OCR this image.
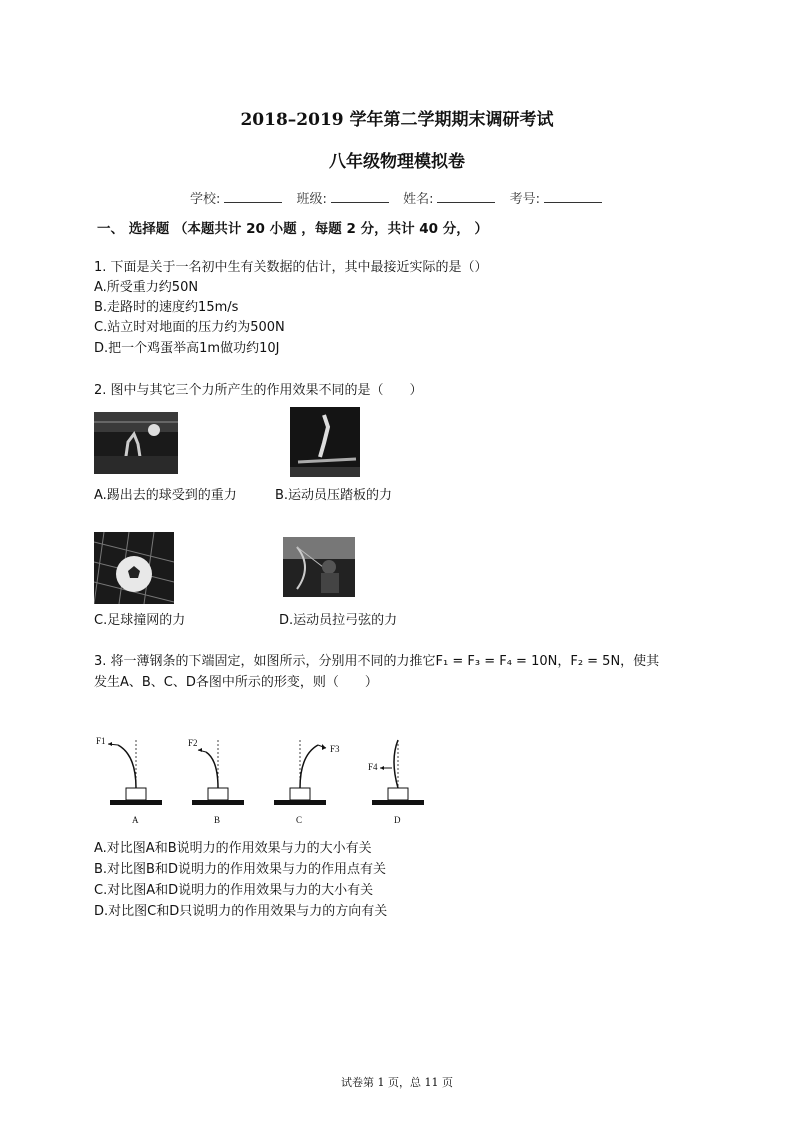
2018–2019 学年第二学期期末调研考试
八年级物理模拟卷
学校:	班级:	姓名:	考号:
一、 选择题 （本题共计 20 小题 ，每题 2 分，共计 40 分， ）
1. 下面是关于一名初中生有关数据的估计，其中最接近实际的是（）
A.所受重力约50N
B.走路时的速度约15m/s
C.站立时对地面的压力约为500N
D.把一个鸡蛋举高1m做功约10J
2. 图中与其它三个力所产生的作用效果不同的是（　　）
A.踢出去的球受到的重力	B.运动员压踏板的力
C.足球撞网的力	D.运动员拉弓弦的力
3. 将一薄钢条的下端固定，如图所示，分别用不同的力推它F₁ = F₃ = F₄ = 10N，F₂ = 5N，使其
发生A、B、C、D各图中所示的形变，则（　　）
F1
A
F2
B
F3
C
F4
D
A.对比图A和B说明力的作用效果与力的大小有关
B.对比图B和D说明力的作用效果与力的作用点有关
C.对比图A和D说明力的作用效果与力的大小有关
D.对比图C和D只说明力的作用效果与力的方向有关
试卷第 1 页，总 11 页
